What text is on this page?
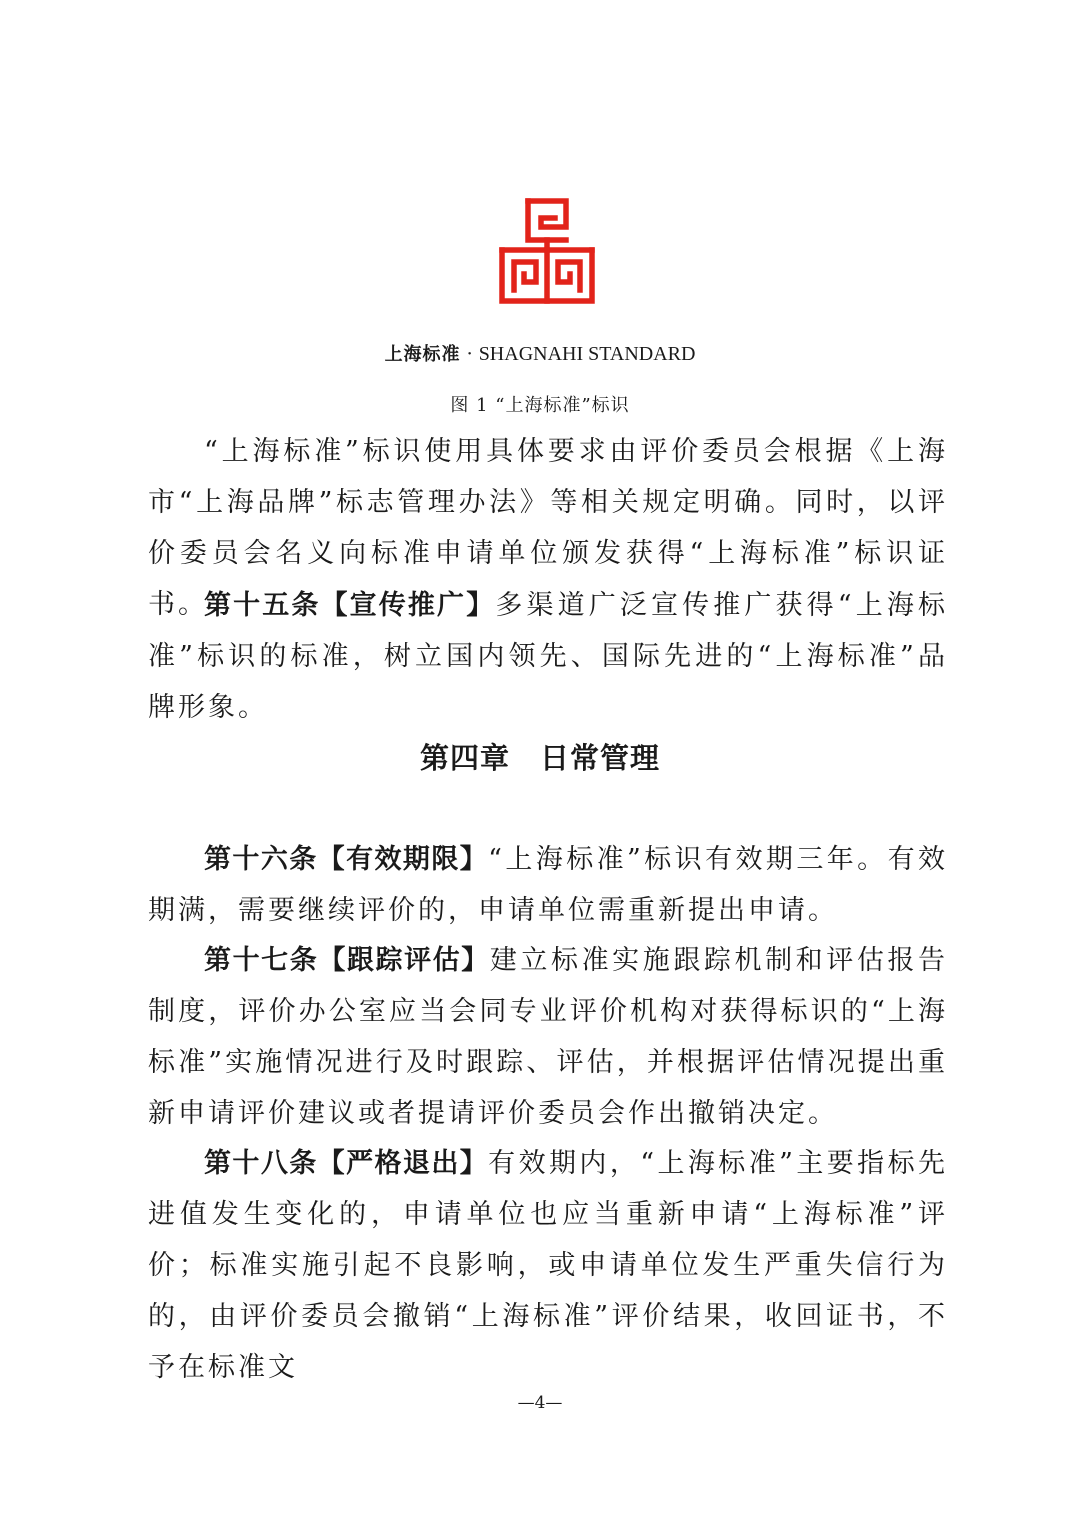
上海标准 · SHAGNAHI STANDARD
图 1 “上海标准”标识

“上海标准”标识使用具体要求由评价委员会根据《上海市“上海品牌”标志管理办法》等相关规定明确。同时，以评价委员会名义向标准申请单位颁发获得“上海标准”标识证书。

第十五条【宣传推广】多渠道广泛宣传推广获得“上海标准”标识的标准，树立国内领先、国际先进的“上海标准”品牌形象。

第四章 日常管理

第十六条【有效期限】“上海标准”标识有效期三年。有效期满，需要继续评价的，申请单位需重新提出申请。

第十七条【跟踪评估】建立标准实施跟踪机制和评估报告制度，评价办公室应当会同专业评价机构对获得标识的“上海标准”实施情况进行及时跟踪、评估，并根据评估情况提出重新申请评价建议或者提请评价委员会作出撤销决定。

第十八条【严格退出】有效期内，“上海标准”主要指标先进值发生变化的，申请单位也应当重新申请“上海标准”评价；标准实施引起不良影响，或申请单位发生严重失信行为的，由评价委员会撤销“上海标准”评价结果，收回证书，不予在标准文

—4—
